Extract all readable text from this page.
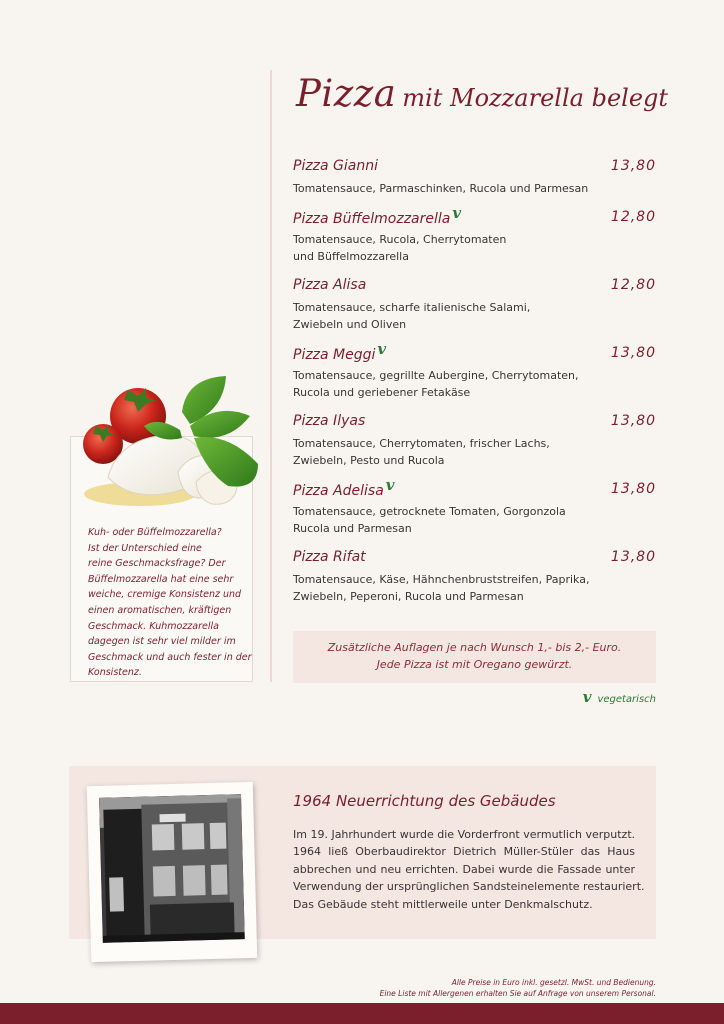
Pizza mit Mozzarella belegt
Pizza Gianni	13,80
Tomatensauce, Parmaschinken, Rucola und Parmesan
Pizza Büffelmozzarella v	12,80
Tomatensauce, Rucola, Cherrytomaten
und Büffelmozzarella
Pizza Alisa	12,80
Tomatensauce, scharfe italienische Salami,
Zwiebeln und Oliven
Pizza Meggi v	13,80
Tomatensauce, gegrillte Aubergine, Cherrytomaten,
Rucola und geriebener Fetakäse
Pizza Ilyas	13,80
Tomatensauce, Cherrytomaten, frischer Lachs,
Zwiebeln, Pesto und Rucola
Pizza Adelisa v	13,80
Tomatensauce, getrocknete Tomaten, Gorgonzola
Rucola und Parmesan
Pizza Rifat	13,80
Tomatensauce, Käse, Hähnchenbruststreifen, Paprika,
Zwiebeln, Peperoni, Rucola und Parmesan
Zusätzliche Auflagen je nach Wunsch 1,- bis 2,- Euro.
Jede Pizza ist mit Oregano gewürzt.
vvegetarisch
Kuh- oder Büffelmozzarella?
Ist der Unterschied eine
reine Geschmacksfrage? Der
Büffelmozzarella hat eine sehr
weiche, cremige Konsistenz und
einen aromatischen, kräftigen
Geschmack. Kuhmozzarella
dagegen ist sehr viel milder im
Geschmack und auch fester in der
Konsistenz.
1964 Neuerrichtung des Gebäudes
Im 19. Jahrhundert wurde die Vorderfront vermutlich verputzt.
1964 ließ Oberbaudirektor Dietrich Müller-Stüler das Haus
abbrechen und neu errichten. Dabei wurde die Fassade unter
Verwendung der ursprünglichen Sandsteinelemente restauriert.
Das Gebäude steht mittlerweile unter Denkmalschutz.
Alle Preise in Euro inkl. gesetzl. MwSt. und Bedienung.
Eine Liste mit Allergenen erhalten Sie auf Anfrage von unserem Personal.
